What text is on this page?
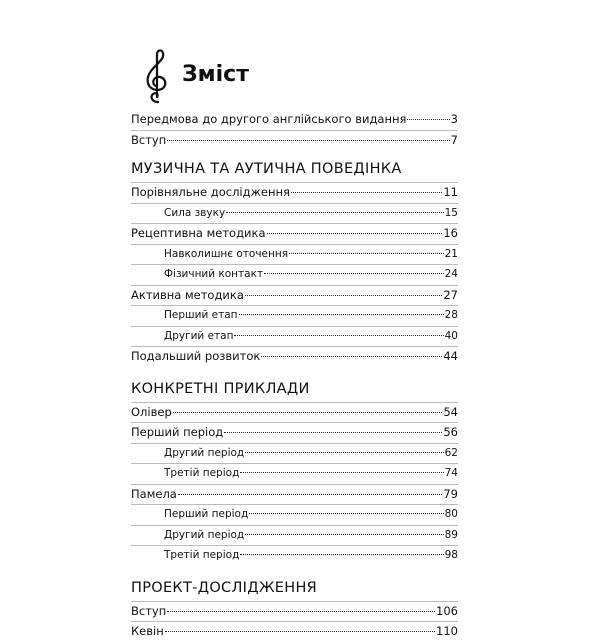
Зміст
Передмова до другого англійського видання	3
Вступ	7
МУЗИЧНА ТА АУТИЧНА ПОВЕДІНКА
Порівняльне дослідження	11
Сила звуку	15
Рецептивна методика	16
Навколишнє оточення	21
Фізичний контакт	24
Активна методика	27
Перший етап	28
Другий етап	40
Подальший розвиток	44
КОНКРЕТНІ ПРИКЛАДИ
Олівер	54
Перший період	56
Другий період	62
Третій період	74
Памела	79
Перший період	80
Другий період	89
Третій період	98
ПРОЕКТ-ДОСЛІДЖЕННЯ
Вступ	106
Кевін	110
